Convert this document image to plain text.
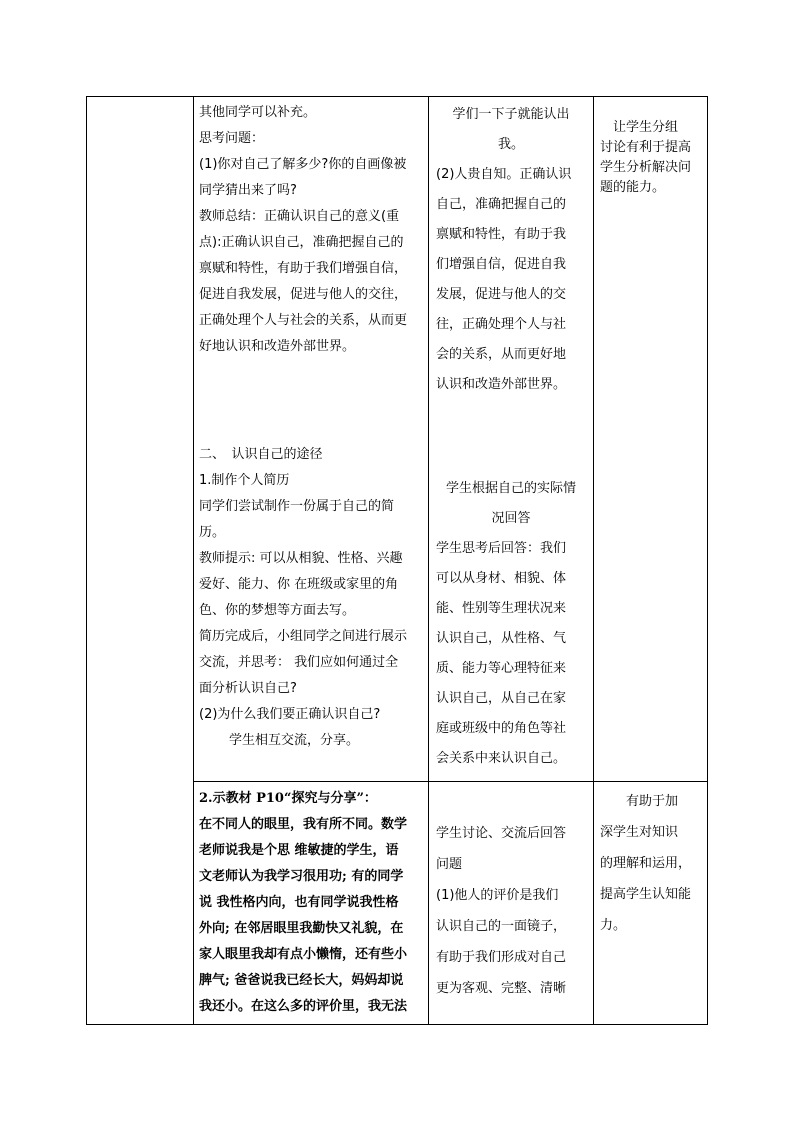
其他同学可以补充。

思考问题：

(1)你对自己了解多少?你的自画像被

同学猜出来了吗?

教师总结：正确认识自己的意义(重

点):正确认识自己，准确把握自己的

禀赋和特性，有助于我们增强自信，

促进自我发展，促进与他人的交往，

正确处理个人与社会的关系，从而更

好地认识和改造外部世界。

二、　认识自己的途径

1.制作个人简历

同学们尝试制作一份属于自己的简

历。

教师提示: 可以从相貌、性格、兴趣

爱好、能力、你 在班级或家里的角

色、你的梦想等方面去写。

简历完成后，小组同学之间进行展示

交流，并思考： 我们应如何通过全

面分析认识自己?

(2)为什么我们要正确认识自己?

学生相互交流，分享。

2.示教材 P10“探究与分享”：

在不同人的眼里，我有所不同。数学

老师说我是个思 维敏捷的学生，语

文老师认为我学习很用功; 有的同学

说 我性格内向，也有同学说我性格

外向; 在邻居眼里我勤快又礼貌，在

家人眼里我却有点小懒惰，还有些小

脾气; 爸爸说我已经长大，妈妈却说

我还小。在这么多的评价里，我无法

学们一下子就能认出

我。

(2)人贵自知。正确认识

自己，准确把握自己的

禀赋和特性，有助于我

们增强自信，促进自我

发展，促进与他人的交

往，正确处理个人与社

会的关系，从而更好地

认识和改造外部世界。

学生根据自己的实际情

况回答

学生思考后回答：我们

可以从身材、相貌、体

能、性别等生理状况来

认识自己，从性格、气

质、能力等心理特征来

认识自己，从自己在家

庭或班级中的角色等社

会关系中来认识自己。

学生讨论、交流后回答

问题

(1)他人的评价是我们

认识自己的一面镜子，

有助于我们形成对自己

更为客观、完整、清晰

　让学生分组

讨论有利于提高

学生分析解决问

题的能力。

　　有助于加

深学生对知识

的理解和运用，

提高学生认知能

力。
